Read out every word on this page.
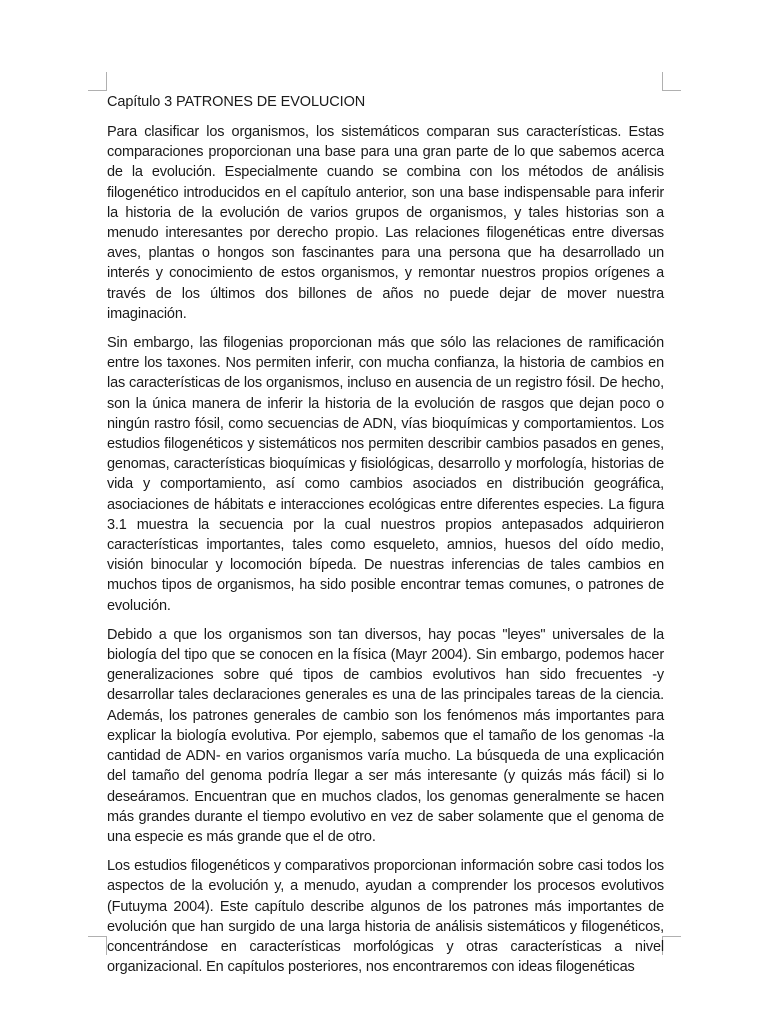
Capítulo 3 PATRONES DE EVOLUCION

Para clasificar los organismos, los sistemáticos comparan sus características. Estas comparaciones proporcionan una base para una gran parte de lo que sabemos acerca de la evolución. Especialmente cuando se combina con los métodos de análisis filogenético introducidos en el capítulo anterior, son una base indispensable para inferir la historia de la evolución de varios grupos de organismos, y tales historias son a menudo interesantes por derecho propio. Las relaciones filogenéticas entre diversas aves, plantas o hongos son fascinantes para una persona que ha desarrollado un interés y conocimiento de estos organismos, y remontar nuestros propios orígenes a través de los últimos dos billones de años no puede dejar de mover nuestra imaginación.

Sin embargo, las filogenias proporcionan más que sólo las relaciones de ramificación entre los taxones. Nos permiten inferir, con mucha confianza, la historia de cambios en las características de los organismos, incluso en ausencia de un registro fósil. De hecho, son la única manera de inferir la historia de la evolución de rasgos que dejan poco o ningún rastro fósil, como secuencias de ADN, vías bioquímicas y comportamientos. Los estudios filogenéticos y sistemáticos nos permiten describir cambios pasados en genes, genomas, características bioquímicas y fisiológicas, desarrollo y morfología, historias de vida y comportamiento, así como cambios asociados en distribución geográfica, asociaciones de hábitats e interacciones ecológicas entre diferentes especies. La figura 3.1 muestra la secuencia por la cual nuestros propios antepasados adquirieron características importantes, tales como esqueleto, amnios, huesos del oído medio, visión binocular y locomoción bípeda. De nuestras inferencias de tales cambios en muchos tipos de organismos, ha sido posible encontrar temas comunes, o patrones de evolución.

Debido a que los organismos son tan diversos, hay pocas "leyes" universales de la biología del tipo que se conocen en la física (Mayr 2004). Sin embargo, podemos hacer generalizaciones sobre qué tipos de cambios evolutivos han sido frecuentes -y desarrollar tales declaraciones generales es una de las principales tareas de la ciencia. Además, los patrones generales de cambio son los fenómenos más importantes para explicar la biología evolutiva. Por ejemplo, sabemos que el tamaño de los genomas -la cantidad de ADN- en varios organismos varía mucho. La búsqueda de una explicación del tamaño del genoma podría llegar a ser más interesante (y quizás más fácil) si lo deseáramos. Encuentran que en muchos clados, los genomas generalmente se hacen más grandes durante el tiempo evolutivo en vez de saber solamente que el genoma de una especie es más grande que el de otro.

Los estudios filogenéticos y comparativos proporcionan información sobre casi todos los aspectos de la evolución y, a menudo, ayudan a comprender los procesos evolutivos (Futuyma 2004). Este capítulo describe algunos de los patrones más importantes de evolución que han surgido de una larga historia de análisis sistemáticos y filogenéticos, concentrándose en características morfológicas y otras características a nivel organizacional. En capítulos posteriores, nos encontraremos con ideas filogenéticas
